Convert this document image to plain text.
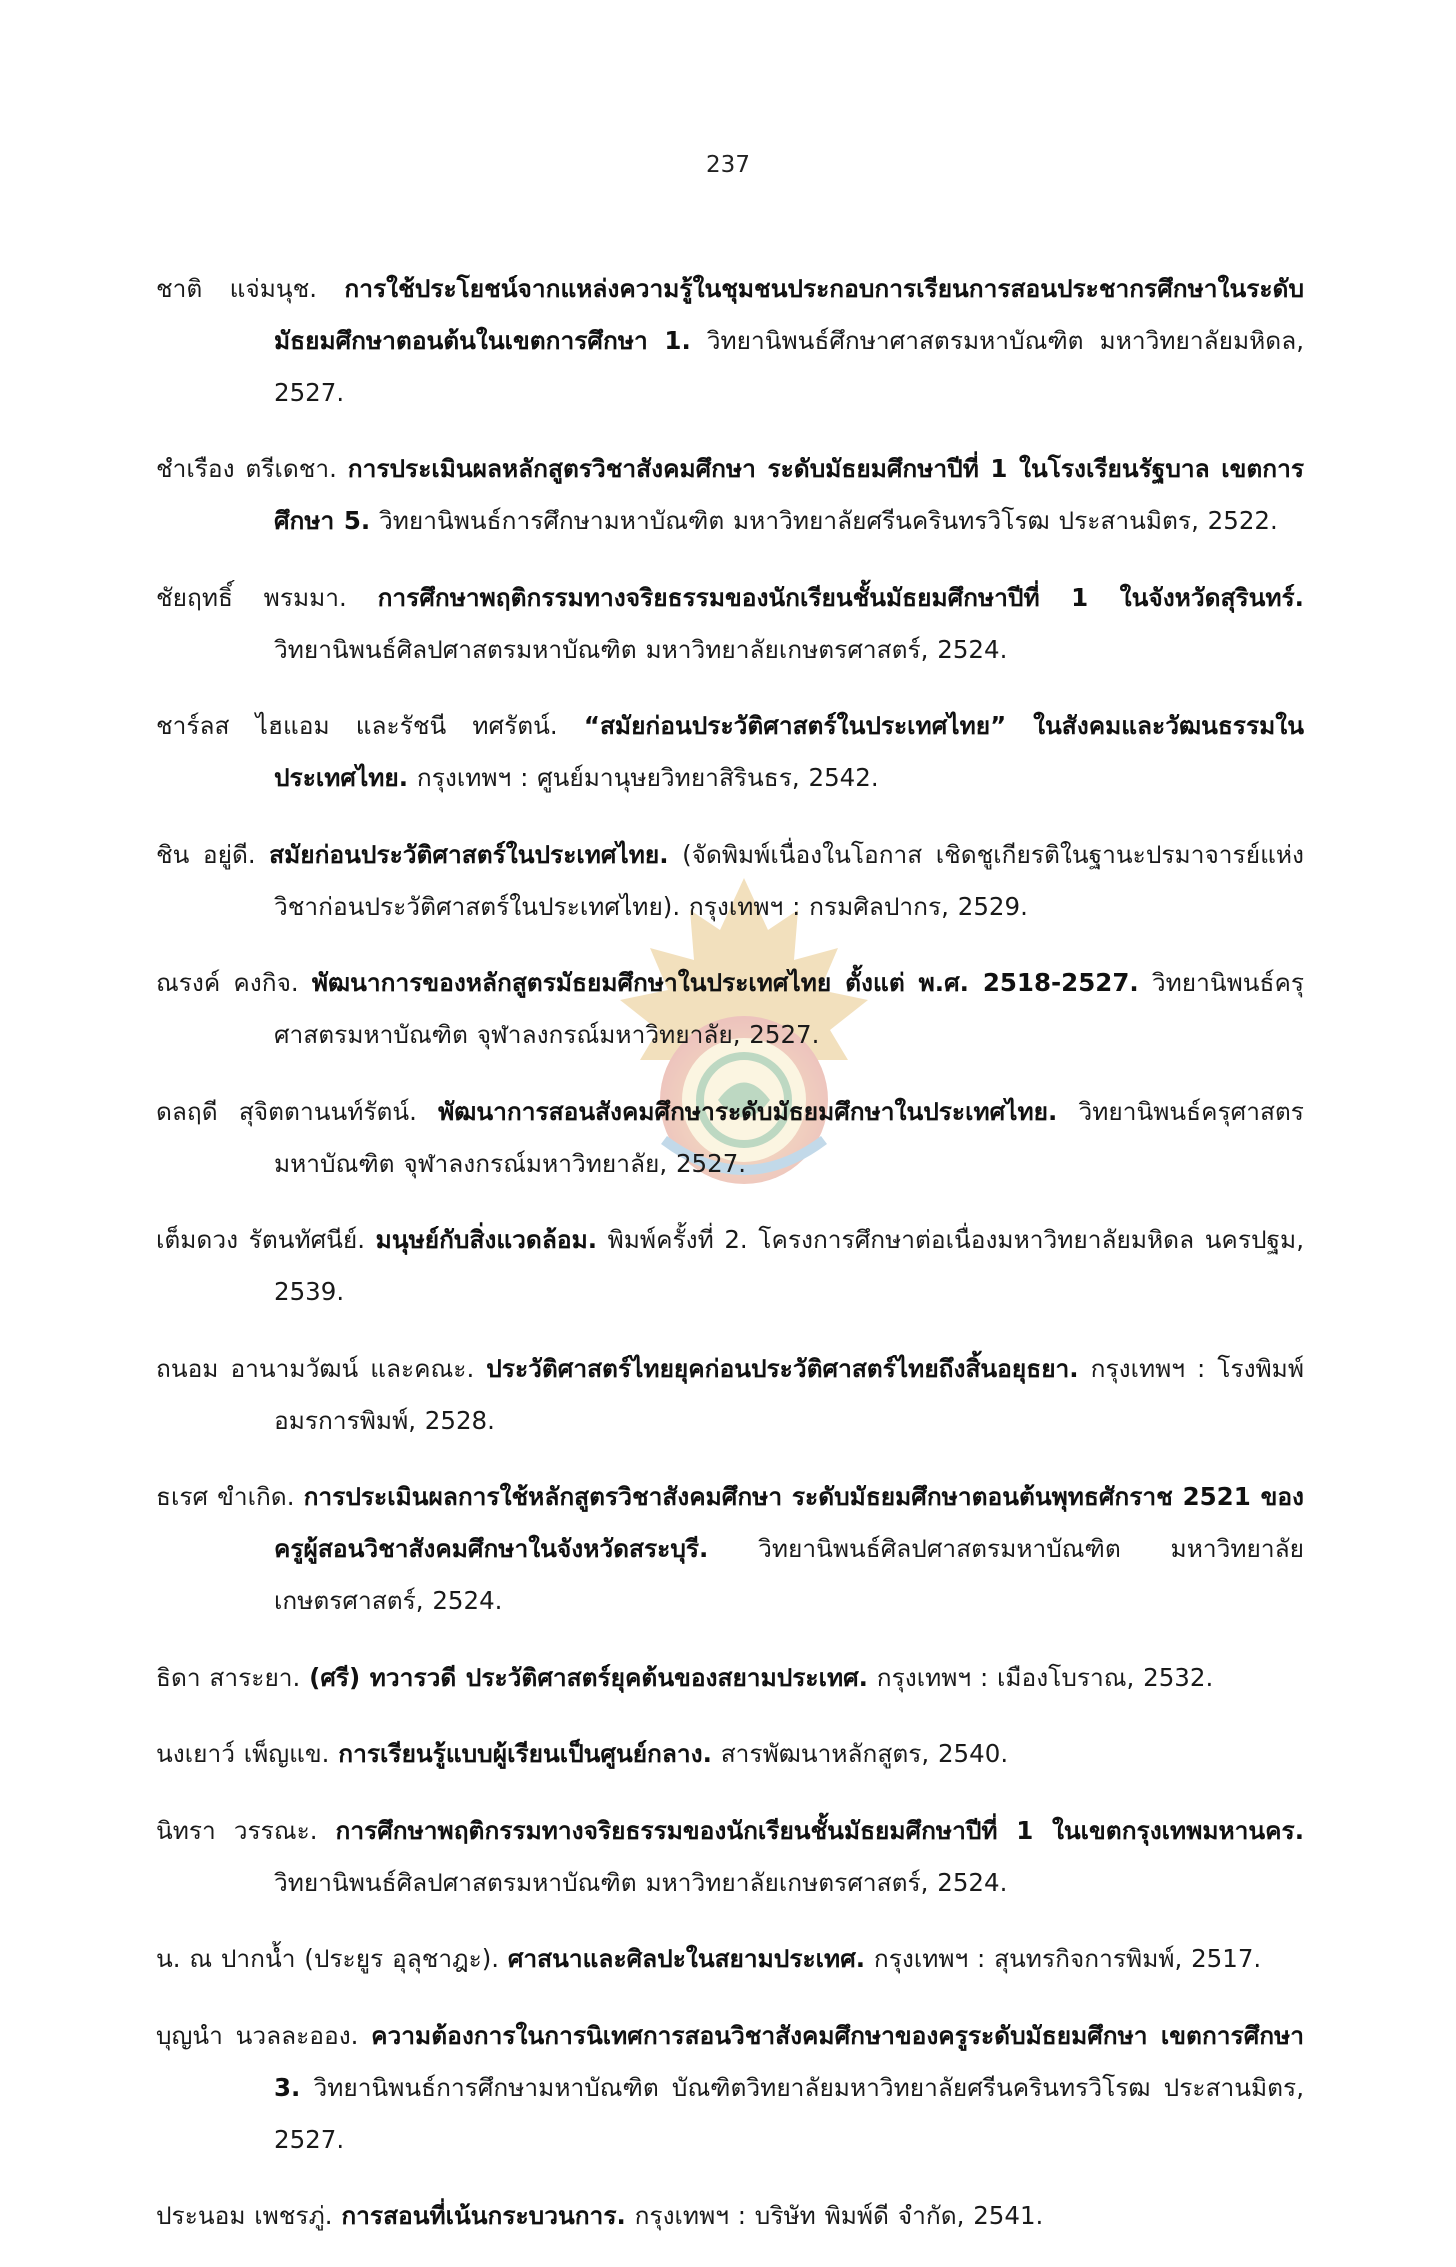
237

ชาติ แจ่มนุช. การใช้ประโยชน์จากแหล่งความรู้ในชุมชนประกอบการเรียนการสอนประชากรศึกษาในระดับมัธยมศึกษาตอนต้นในเขตการศึกษา 1. วิทยานิพนธ์ศึกษาศาสตรมหาบัณฑิต มหาวิทยาลัยมหิดล, 2527.

ชำเรือง ตรีเดชา. การประเมินผลหลักสูตรวิชาสังคมศึกษา ระดับมัธยมศึกษาปีที่ 1 ในโรงเรียนรัฐบาล เขตการศึกษา 5. วิทยานิพนธ์การศึกษามหาบัณฑิต มหาวิทยาลัยศรีนครินทรวิโรฒ ประสานมิตร, 2522.

ชัยฤทธิ์ พรมมา. การศึกษาพฤติกรรมทางจริยธรรมของนักเรียนชั้นมัธยมศึกษาปีที่ 1 ในจังหวัดสุรินทร์. วิทยานิพนธ์ศิลปศาสตรมหาบัณฑิต มหาวิทยาลัยเกษตรศาสตร์, 2524.

ชาร์ลส ไฮแอม และรัชนี ทศรัตน์. “สมัยก่อนประวัติศาสตร์ในประเทศไทย” ในสังคมและวัฒนธรรมในประเทศไทย. กรุงเทพฯ : ศูนย์มานุษยวิทยาสิรินธร, 2542.

ชิน อยู่ดี. สมัยก่อนประวัติศาสตร์ในประเทศไทย. (จัดพิมพ์เนื่องในโอกาส เชิดชูเกียรติในฐานะปรมาจารย์แห่งวิชาก่อนประวัติศาสตร์ในประเทศไทย). กรุงเทพฯ : กรมศิลปากร, 2529.

ณรงค์ คงกิจ. พัฒนาการของหลักสูตรมัธยมศึกษาในประเทศไทย ตั้งแต่ พ.ศ. 2518-2527. วิทยานิพนธ์ครุศาสตรมหาบัณฑิต จุฬาลงกรณ์มหาวิทยาลัย, 2527.

ดลฤดี สุจิตตานนท์รัตน์. พัฒนาการสอนสังคมศึกษาระดับมัธยมศึกษาในประเทศไทย. วิทยานิพนธ์ครุศาสตรมหาบัณฑิต จุฬาลงกรณ์มหาวิทยาลัย, 2527.

เต็มดวง รัตนทัศนีย์. มนุษย์กับสิ่งแวดล้อม. พิมพ์ครั้งที่ 2. โครงการศึกษาต่อเนื่องมหาวิทยาลัยมหิดล นครปฐม, 2539.

ถนอม อานามวัฒน์ และคณะ. ประวัติศาสตร์ไทยยุคก่อนประวัติศาสตร์ไทยถึงสิ้นอยุธยา. กรุงเทพฯ : โรงพิมพ์อมรการพิมพ์, 2528.

ธเรศ ขำเกิด. การประเมินผลการใช้หลักสูตรวิชาสังคมศึกษา ระดับมัธยมศึกษาตอนต้นพุทธศักราช 2521 ของครูผู้สอนวิชาสังคมศึกษาในจังหวัดสระบุรี. วิทยานิพนธ์ศิลปศาสตรมหาบัณฑิต มหาวิทยาลัยเกษตรศาสตร์, 2524.

ธิดา สาระยา. (ศรี) ทวารวดี ประวัติศาสตร์ยุคต้นของสยามประเทศ. กรุงเทพฯ : เมืองโบราณ, 2532.

นงเยาว์ เพ็ญแข. การเรียนรู้แบบผู้เรียนเป็นศูนย์กลาง. สารพัฒนาหลักสูตร, 2540.

นิทรา วรรณะ. การศึกษาพฤติกรรมทางจริยธรรมของนักเรียนชั้นมัธยมศึกษาปีที่ 1 ในเขตกรุงเทพมหานคร. วิทยานิพนธ์ศิลปศาสตรมหาบัณฑิต มหาวิทยาลัยเกษตรศาสตร์, 2524.

น. ณ ปากน้ำ (ประยูร อุลุชาฎะ). ศาสนาและศิลปะในสยามประเทศ. กรุงเทพฯ : สุนทรกิจการพิมพ์, 2517.

บุญนำ นวลละออง. ความต้องการในการนิเทศการสอนวิชาสังคมศึกษาของครูระดับมัธยมศึกษา เขตการศึกษา 3. วิทยานิพนธ์การศึกษามหาบัณฑิต บัณฑิตวิทยาลัยมหาวิทยาลัยศรีนครินทรวิโรฒ ประสานมิตร, 2527.

ประนอม เพชรภู่. การสอนที่เน้นกระบวนการ. กรุงเทพฯ : บริษัท พิมพ์ดี จำกัด, 2541.
